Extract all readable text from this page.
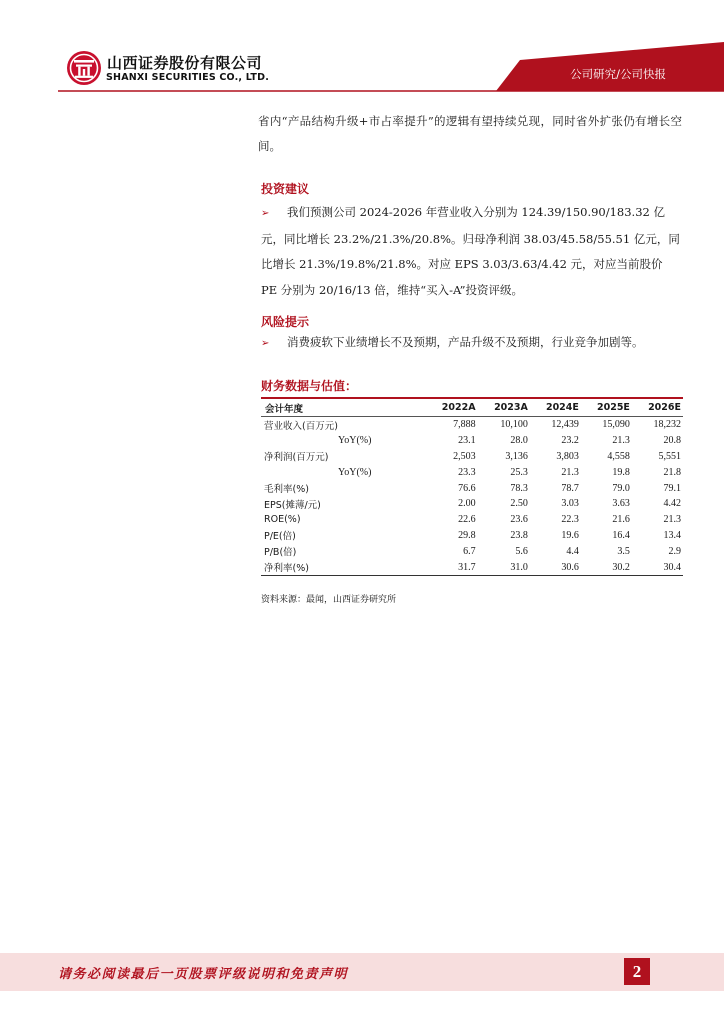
山西证券股份有限公司
SHANXI SECURITIES CO., LTD.	公司研究/公司快报
省内“产品结构升级+市占率提升”的逻辑有望持续兑现，同时省外扩张仍有增长空间。
投资建议
➢ 我们预测公司 2024-2026 年营业收入分别为 124.39/150.90/183.32 亿元，同比增长 23.2%/21.3%/20.8%。归母净利润 38.03/45.58/55.51 亿元，同比增长 21.3%/19.8%/21.8%。对应 EPS 3.03/3.63/4.42 元，对应当前股价 PE 分别为 20/16/13 倍，维持“买入-A”投资评级。
风险提示
➢ 消费疲软下业绩增长不及预期，产品升级不及预期，行业竞争加剧等。
财务数据与估值：
会计年度	2022A	2023A	2024E	2025E	2026E
营业收入(百万元)	7,888	10,100	12,439	15,090	18,232
YoY(%)	23.1	28.0	23.2	21.3	20.8
净利润(百万元)	2,503	3,136	3,803	4,558	5,551
YoY(%)	23.3	25.3	21.3	19.8	21.8
毛利率(%)	76.6	78.3	78.7	79.0	79.1
EPS(摊薄/元)	2.00	2.50	3.03	3.63	4.42
ROE(%)	22.6	23.6	22.3	21.6	21.3
P/E(倍)	29.8	23.8	19.6	16.4	13.4
P/B(倍)	6.7	5.6	4.4	3.5	2.9
净利率(%)	31.7	31.0	30.6	30.2	30.4
资料来源：最闻，山西证券研究所
请务必阅读最后一页股票评级说明和免责声明	2
